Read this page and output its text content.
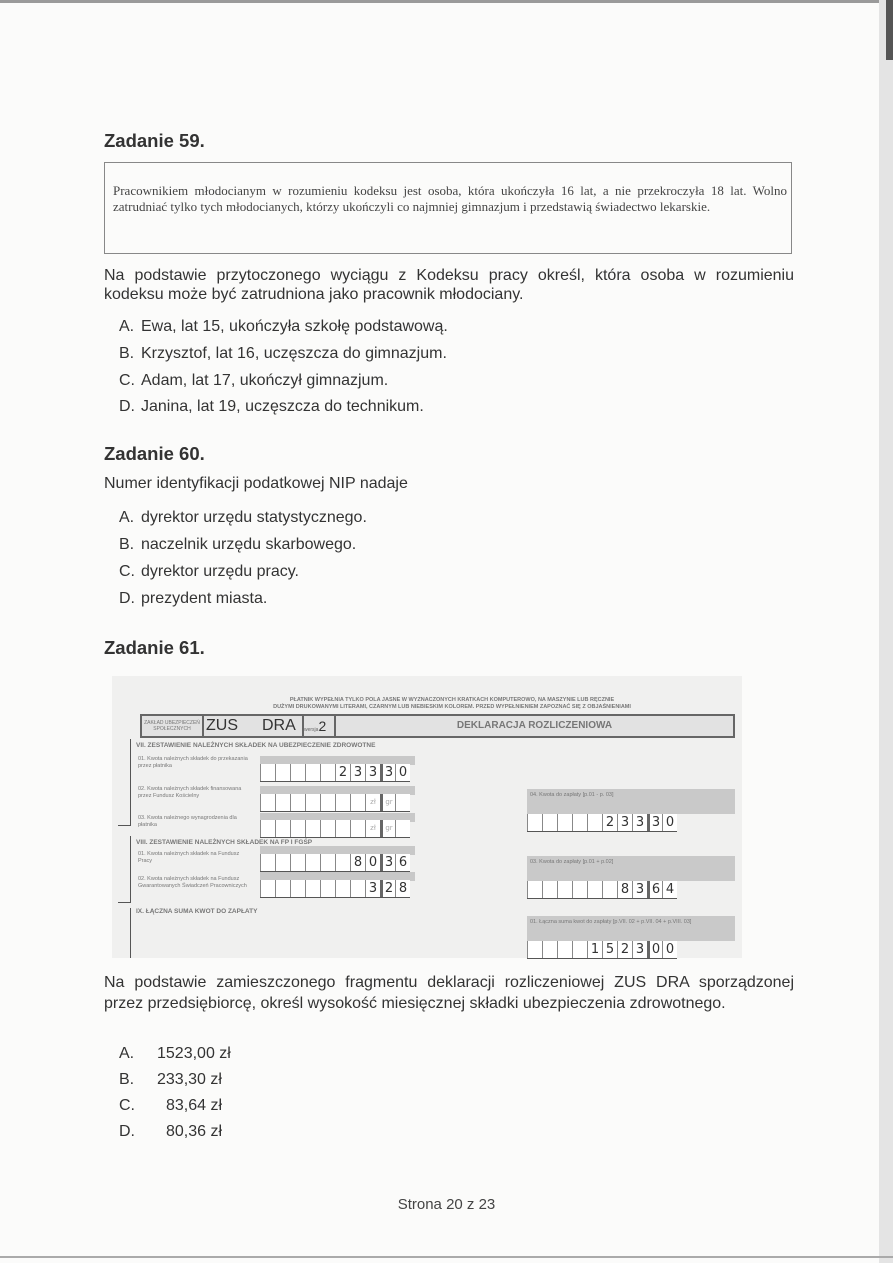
Zadanie 59.
Pracownikiem młodocianym w rozumieniu kodeksu jest osoba, która ukończyła 16 lat, a nie przekroczyła 18 lat. Wolno zatrudniać tylko tych młodocianych, którzy ukończyli co najmniej gimnazjum i przedstawią świadectwo lekarskie.
Na podstawie przytoczonego wyciągu z Kodeksu pracy określ, która osoba w rozumieniu kodeksu może być zatrudniona jako pracownik młodociany.
A. Ewa, lat 15, ukończyła szkołę podstawową.
B. Krzysztof, lat 16, uczęszcza do gimnazjum.
C. Adam, lat 17, ukończył gimnazjum.
D. Janina, lat 19, uczęszcza do technikum.
Zadanie 60.
Numer identyfikacji podatkowej NIP nadaje
A. dyrektor urzędu statystycznego.
B. naczelnik urzędu skarbowego.
C. dyrektor urzędu pracy.
D. prezydent miasta.
Zadanie 61.
PŁATNIK WYPEŁNIA TYLKO POLA JASNE W WYZNACZONYCH KRATKACH KOMPUTEROWO, NA MASZYNIE LUB RĘCZNIE
DUŻYMI DRUKOWANYMI LITERAMI, CZARNYM LUB NIEBIESKIM KOLOREM. PRZED WYPEŁNIENIEM ZAPOZNAĆ SIĘ Z OBJAŚNIENIAMI
ZAKŁAD UBEZPIECZEŃ SPOŁECZNYCH ZUS DRA	wersja2	DEKLARACJA ROZLICZENIOWA
VII. ZESTAWIENIE NALEŻNYCH SKŁADEK NA UBEZPIECZENIE ZDROWOTNE
01. Kwota należnych składek do przekazania przez płatnika	2 3 3 3 0
02. Kwota należnych składek finansowana przez Fundusz Kościelny
zł	gr
03. Kwota należnego wynagrodzenia dla płatnika	zł	gr
04. Kwota do zapłaty [p.01 - p. 03]
2 3 3 3 0
VIII. ZESTAWIENIE NALEŻNYCH SKŁADEK NA FP I FGŚP
01. Kwota należnych składek na Fundusz Pracy	8 0 3 6
02. Kwota należnych składek na Fundusz Gwarantowanych Świadczeń Pracowniczych	3 2 8
03. Kwota do zapłaty [p.01 + p.02]
8 3 6 4
IX. ŁĄCZNA SUMA KWOT DO ZAPŁATY
01. Łączna suma kwot do zapłaty [p.VII. 02 + p.VII. 04 + p.VIII. 03]
1 5 2 3 0 0
Na podstawie zamieszczonego fragmentu deklaracji rozliczeniowej ZUS DRA sporządzonej przez przedsiębiorcę, określ wysokość miesięcznej składki ubezpieczenia zdrowotnego.
A. 1523,00 zł
B. 233,30 zł
C. 83,64 zł
D. 80,36 zł
Strona 20 z 23
